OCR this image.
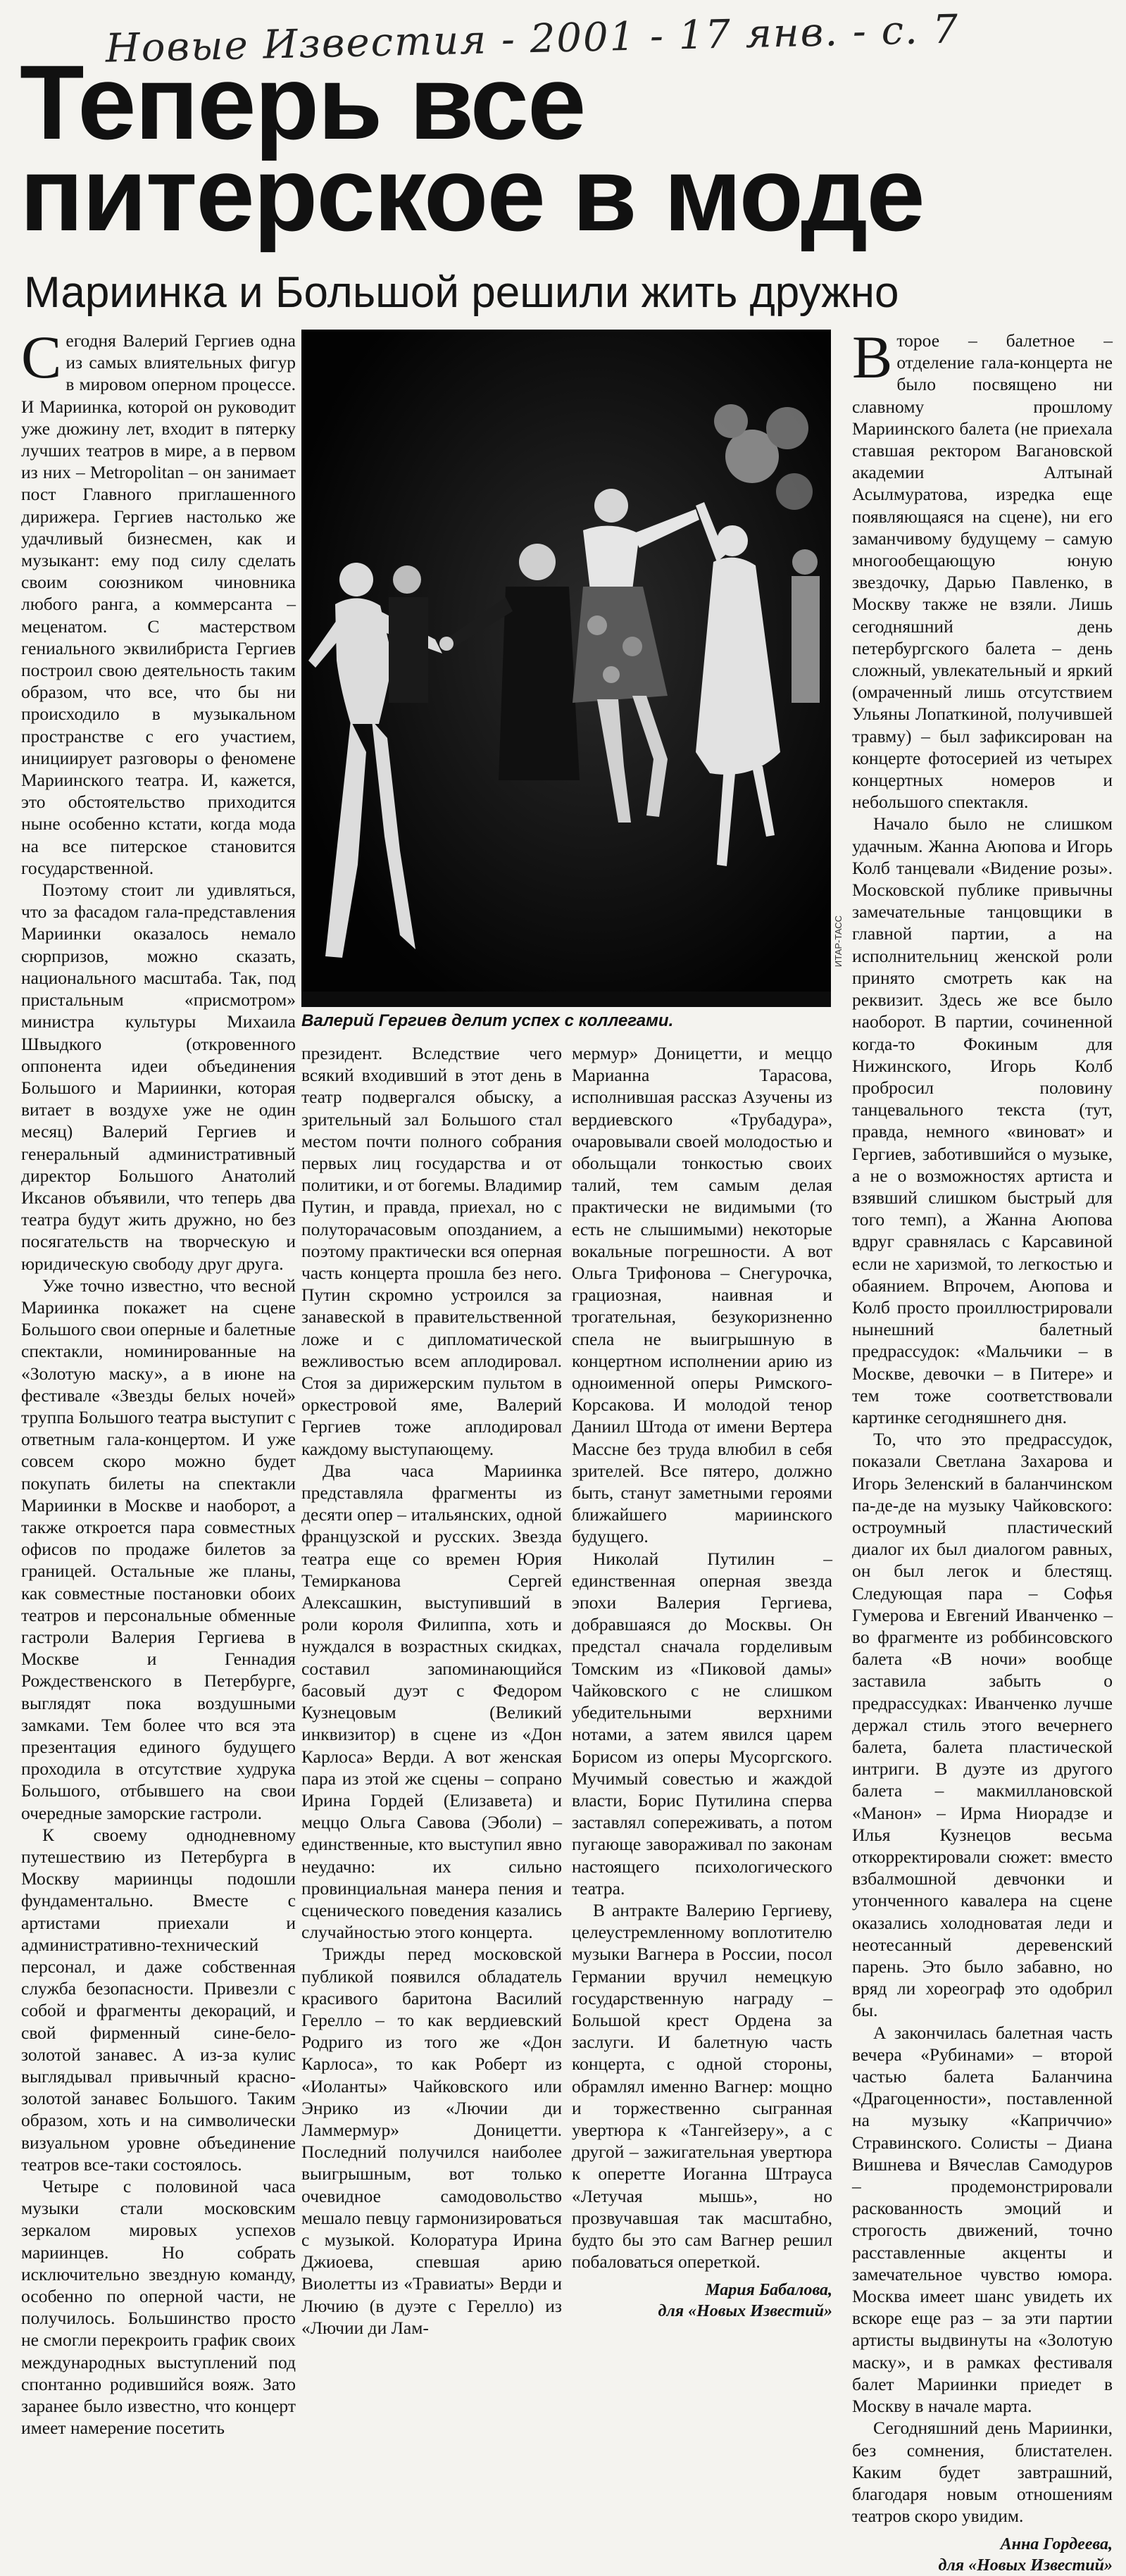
Новые Известия - 2001 - 17 янв. - с. 7
Теперь все питерское в моде
Мариинка и Большой решили жить дружно

Сегодня Валерий Гергиев одна из самых влиятельных фигур в мировом оперном процессе. И Мариинка, которой он руководит уже дюжину лет, входит в пятерку лучших театров в мире, а в первом из них – Metropolitan – он занимает пост Главного приглашенного дирижера. Гергиев настолько же удачливый бизнесмен, как и музыкант: ему под силу сделать своим союзником чиновника любого ранга, а коммерсанта – меценатом. С мастерством гениального эквилибриста Гергиев построил свою деятельность таким образом, что все, что бы ни происходило в музыкальном пространстве с его участием, инициирует разговоры о феномене Мариинского театра. И, кажется, это обстоятельство приходится ныне особенно кстати, когда мода на все питерское становится государственной.

Поэтому стоит ли удивляться, что за фасадом гала-представления Мариинки оказалось немало сюрпризов, можно сказать, национального масштаба. Так, под пристальным «присмотром» министра культуры Михаила Швыдкого (откровенного оппонента идеи объединения Большого и Мариинки, которая витает в воздухе уже не один месяц) Валерий Гергиев и генеральный административный директор Большого Анатолий Иксанов объявили, что теперь два театра будут жить дружно, но без посягательств на творческую и юридическую свободу друг друга.

Уже точно известно, что весной Мариинка покажет на сцене Большого свои оперные и балетные спектакли, номинированные на «Золотую маску», а в июне на фестивале «Звезды белых ночей» труппа Большого театра выступит с ответным гала-концертом. И уже совсем скоро можно будет покупать билеты на спектакли Мариинки в Москве и наоборот, а также откроется пара совместных офисов по продаже билетов за границей. Остальные же планы, как совместные постановки обоих театров и персональные обменные гастроли Валерия Гергиева в Москве и Геннадия Рождественского в Петербурге, выглядят пока воздушными замками. Тем более что вся эта презентация единого будущего проходила в отсутствие худрука Большого, отбывшего на свои очередные заморские гастроли.

К своему однодневному путешествию из Петербурга в Москву мариинцы подошли фундаментально. Вместе с артистами приехали и административно-технический персонал, и даже собственная служба безопасности. Привезли с собой и фрагменты декораций, и свой фирменный сине-бело-золотой занавес. А из-за кулис выглядывал привычный красно-золотой занавес Большого. Таким образом, хоть и на символически визуальном уровне объединение театров все-таки состоялось.

Четыре с половиной часа музыки стали московским зеркалом мировых успехов мариинцев. Но собрать исключительно звездную команду, особенно по оперной части, не получилось. Большинство просто не смогли перекроить график своих международных выступлений под спонтанно родившийся вояж. Зато заранее было известно, что концерт имеет намерение посетить

ИТАР-ТАСС
Валерий Гергиев делит успех с коллегами.

президент. Вследствие чего всякий входивший в этот день в театр подвергался обыску, а зрительный зал Большого стал местом почти полного собрания первых лиц государства и от политики, и от богемы. Владимир Путин, и правда, приехал, но с полуторачасовым опозданием, а поэтому практически вся оперная часть концерта прошла без него. Путин скромно устроился за занавеской в правительственной ложе и с дипломатической вежливостью всем аплодировал. Стоя за дирижерским пультом в оркестровой яме, Валерий Гергиев тоже аплодировал каждому выступающему.

Два часа Мариинка представляла фрагменты из десяти опер – итальянских, одной французской и русских. Звезда театра еще со времен Юрия Темирканова Сергей Алексашкин, выступивший в роли короля Филиппа, хоть и нуждался в возрастных скидках, составил запоминающийся басовый дуэт с Федором Кузнецовым (Великий инквизитор) в сцене из «Дон Карлоса» Верди. А вот женская пара из этой же сцены – сопрано Ирина Гордей (Елизавета) и меццо Ольга Савова (Эболи) – единственные, кто выступил явно неудачно: их сильно провинциальная манера пения и сценического поведения казались случайностью этого концерта.

Трижды перед московской публикой появился обладатель красивого баритона Василий Герелло – то как вердиевский Родриго из того же «Дон Карлоса», то как Роберт из «Иоланты» Чайковского или Энрико из «Лючии ди Ламмермур» Доницетти. Последний получился наиболее выигрышным, вот только очевидное самодовольство мешало певцу гармонизироваться с музыкой. Колоратура Ирина Джиоева, спевшая арию Виолетты из «Травиаты» Верди и Лючию (в дуэте с Герелло) из «Лючии ди Лам-

мермур» Доницетти, и меццо Марианна Тарасова, исполнившая рассказ Азучены из вердиевского «Трубадура», очаровывали своей молодостью и обольщали тонкостью своих талий, тем самым делая практически не видимыми (то есть не слышимыми) некоторые вокальные погрешности. А вот Ольга Трифонова – Снегурочка, грациозная, наивная и трогательная, безукоризненно спела не выигрышную в концертном исполнении арию из одноименной оперы Римского-Корсакова. И молодой тенор Даниил Штода от имени Вертера Массне без труда влюбил в себя зрителей. Все пятеро, должно быть, станут заметными героями ближайшего мариинского будущего.

Николай Путилин – единственная оперная звезда эпохи Валерия Гергиева, добравшаяся до Москвы. Он предстал сначала горделивым Томским из «Пиковой дамы» Чайковского с не слишком убедительными верхними нотами, а затем явился царем Борисом из оперы Мусоргского. Мучимый совестью и жаждой власти, Борис Путилина сперва заставлял сопереживать, а потом пугающе завораживал по законам настоящего психологического театра.

В антракте Валерию Гергиеву, целеустремленному воплотителю музыки Вагнера в России, посол Германии вручил немецкую государственную награду – Большой крест Ордена за заслуги. И балетную часть концерта, с одной стороны, обрамлял именно Вагнер: мощно и торжественно сыгранная увертюра к «Тангейзеру», а с другой – зажигательная увертюра к оперетте Иоганна Штрауса «Летучая мышь», но прозвучавшая так масштабно, будто бы это сам Вагнер решил побаловаться опереткой.

Мария Бабалова,
для «Новых Известий»

Второе – балетное – отделение гала-концерта не было посвящено ни славному прошлому Мариинского балета (не приехала ставшая ректором Вагановской академии Алтынай Асылмуратова, изредка еще появляющаяся на сцене), ни его заманчивому будущему – самую многообещающую юную звездочку, Дарью Павленко, в Москву также не взяли. Лишь сегодняшний день петербургского балета – день сложный, увлекательный и яркий (омраченный лишь отсутствием Ульяны Лопаткиной, получившей травму) – был зафиксирован на концерте фотосерией из четырех концертных номеров и небольшого спектакля.

Начало было не слишком удачным. Жанна Аюпова и Игорь Колб танцевали «Видение розы». Московской публике привычны замечательные танцовщики в главной партии, а на исполнительниц женской роли принято смотреть как на реквизит. Здесь же все было наоборот. В партии, сочиненной когда-то Фокиным для Нижинского, Игорь Колб пробросил половину танцевального текста (тут, правда, немного «виноват» и Гергиев, заботившийся о музыке, а не о возможностях артиста и взявший слишком быстрый для того темп), а Жанна Аюпова вдруг сравнялась с Карсавиной если не харизмой, то легкостью и обаянием. Впрочем, Аюпова и Колб просто проиллюстрировали нынешний балетный предрассудок: «Мальчики – в Москве, девочки – в Питере» и тем тоже соответствовали картинке сегодняшнего дня.

То, что это предрассудок, показали Светлана Захарова и Игорь Зеленский в баланчинском па-де-де на музыку Чайковского: остроумный пластический диалог их был диалогом равных, он был легок и блестящ. Следующая пара – Софья Гумерова и Евгений Иванченко – во фрагменте из роббинсовского балета «В ночи» вообще заставила забыть о предрассудках: Иванченко лучше держал стиль этого вечернего балета, балета пластической интриги. В дуэте из другого балета – макмиллановской «Манон» – Ирма Ниорадзе и Илья Кузнецов весьма откорректировали сюжет: вместо взбалмошной девчонки и утонченного кавалера на сцене оказались холодноватая леди и неотесанный деревенский парень. Это было забавно, но вряд ли хореограф это одобрил бы.

А закончилась балетная часть вечера «Рубинами» – второй частью балета Баланчина «Драгоценности», поставленной на музыку «Каприччио» Стравинского. Солисты – Диана Вишнева и Вячеслав Самодуров – продемонстрировали раскованность эмоций и строгость движений, точно расставленные акценты и замечательное чувство юмора. Москва имеет шанс увидеть их вскоре еще раз – за эти партии артисты выдвинуты на «Золотую маску», и в рамках фестиваля балет Мариинки приедет в Москву в начале марта.

Сегодняшний день Мариинки, без сомнения, блистателен. Каким будет завтрашний, благодаря новым отношениям театров скоро увидим.

Анна Гордеева,
для «Новых Известий»
